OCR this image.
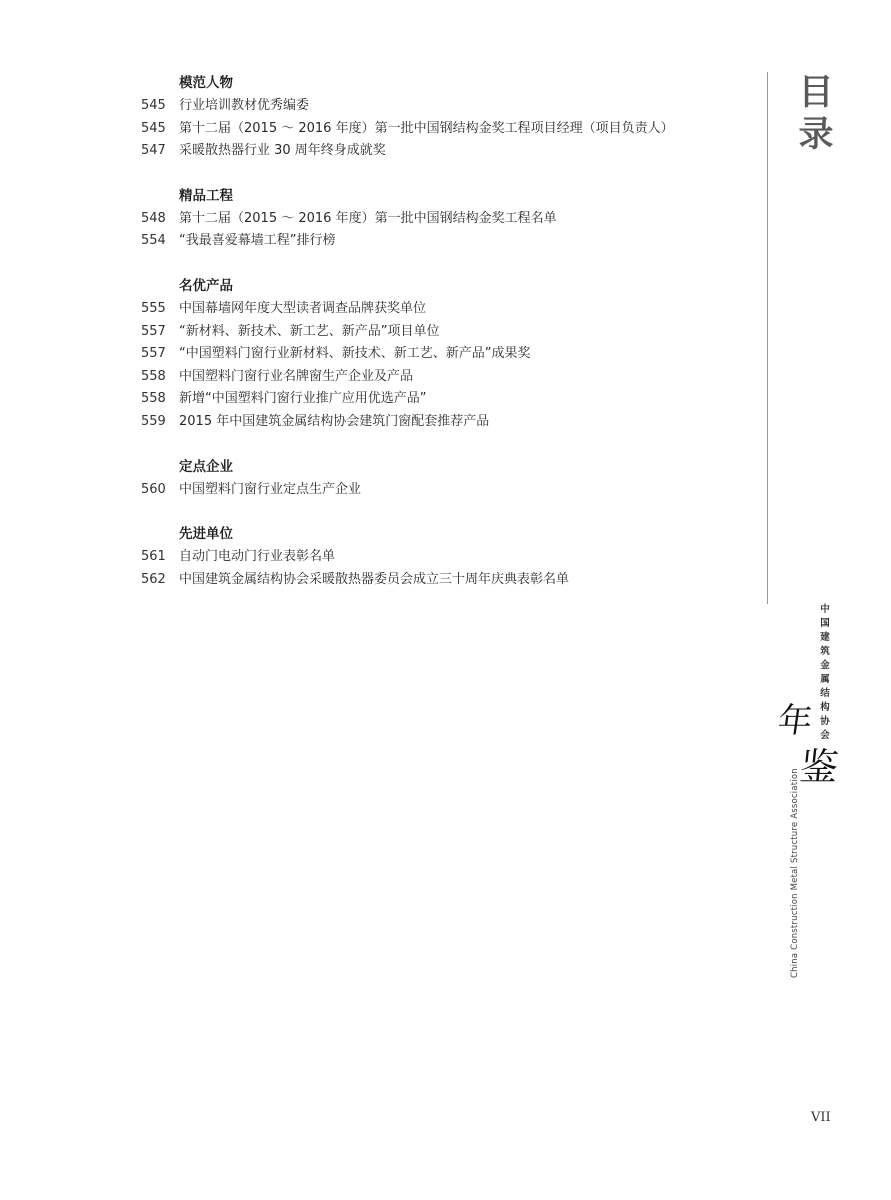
模范人物
545	行业培训教材优秀编委
545	第十二届（2015 ～ 2016 年度）第一批中国钢结构金奖工程项目经理（项目负责人）
547	采暖散热器行业 30 周年终身成就奖
精品工程
548	第十二届（2015 ～ 2016 年度）第一批中国钢结构金奖工程名单
554	“我最喜爱幕墙工程”排行榜
名优产品
555	中国幕墙网年度大型读者调查品牌获奖单位
557	“新材料、新技术、新工艺、新产品”项目单位
557	“中国塑料门窗行业新材料、新技术、新工艺、新产品”成果奖
558	中国塑料门窗行业名牌窗生产企业及产品
558	新增“中国塑料门窗行业推广应用优选产品”
559	2015 年中国建筑金属结构协会建筑门窗配套推荐产品
定点企业
560	中国塑料门窗行业定点生产企业
先进单位
561	自动门电动门行业表彰名单
562	中国建筑金属结构协会采暖散热器委员会成立三十周年庆典表彰名单
目
录
中
国
建
筑
金
属
结
构
协
会
年
鉴
China Construction Metal Structure Association
VII
